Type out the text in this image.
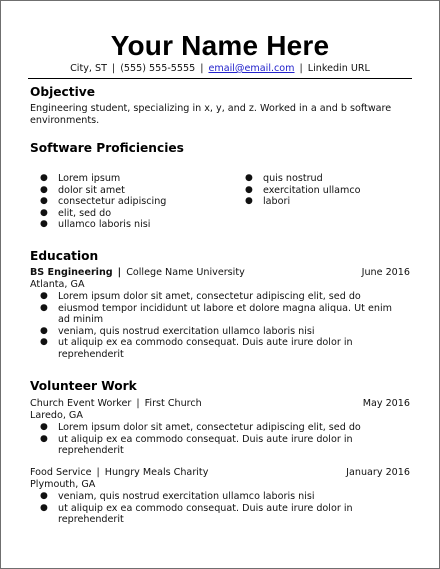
Your Name Here
City, ST | (555) 555-5555 | email@email.com | Linkedin URL
Objective
Engineering student, specializing in x, y, and z. Worked in a and b software environments.
Software Proficiencies
● Lorem ipsum
● dolor sit amet
● consectetur adipiscing
● elit, sed do
● ullamco laboris nisi
● quis nostrud
● exercitation ullamco
● labori
Education
BS Engineering | College Name University	June 2016
Atlanta, GA
● Lorem ipsum dolor sit amet, consectetur adipiscing elit, sed do
● eiusmod tempor incididunt ut labore et dolore magna aliqua. Ut enim ad minim
● veniam, quis nostrud exercitation ullamco laboris nisi
● ut aliquip ex ea commodo consequat. Duis aute irure dolor in reprehenderit
Volunteer Work
Church Event Worker | First Church	May 2016
Laredo, GA
● Lorem ipsum dolor sit amet, consectetur adipiscing elit, sed do
● ut aliquip ex ea commodo consequat. Duis aute irure dolor in reprehenderit
Food Service | Hungry Meals Charity	January 2016
Plymouth, GA
● veniam, quis nostrud exercitation ullamco laboris nisi
● ut aliquip ex ea commodo consequat. Duis aute irure dolor in reprehenderit
